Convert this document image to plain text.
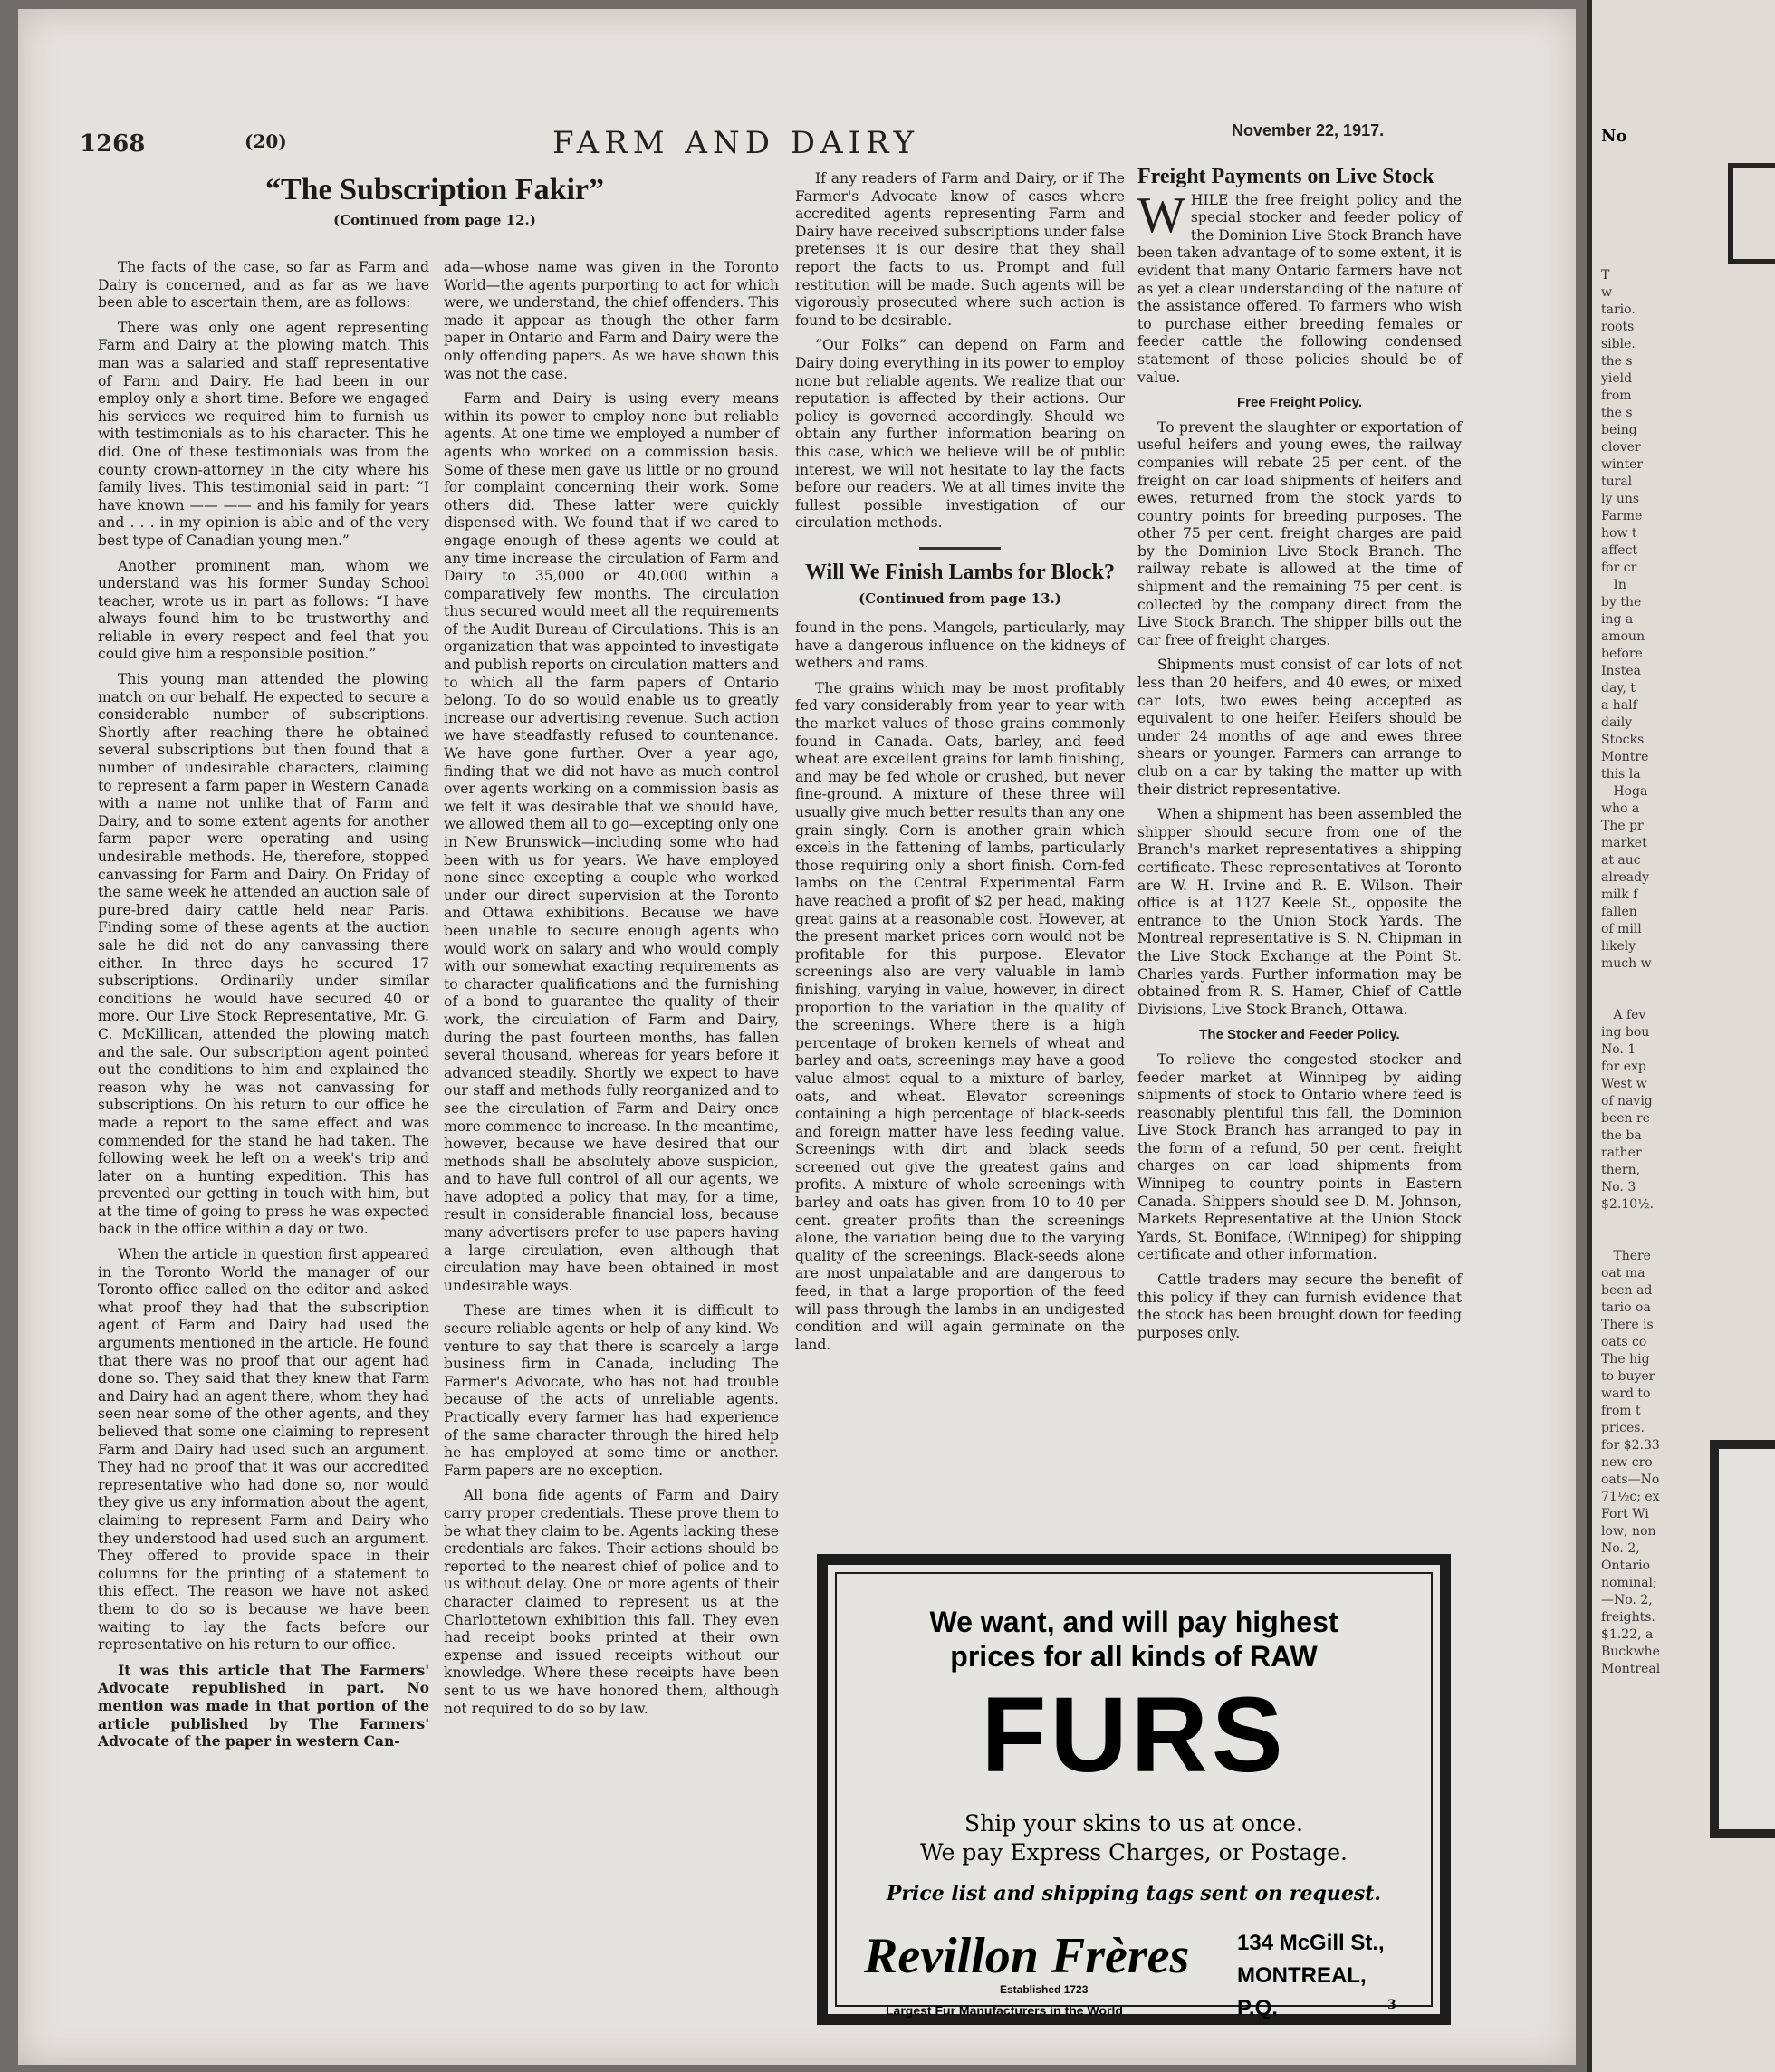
1268	(20)	FARM AND DAIRY	November 22, 1917.
“The Subscription Fakir”
(Continued from page 12.)

The facts of the case, so far as Farm and Dairy is concerned, and as far as we have been able to ascertain them, are as follows:

There was only one agent representing Farm and Dairy at the plowing match. This man was a salaried and staff representative of Farm and Dairy. He had been in our employ only a short time. Before we engaged his services we required him to furnish us with testimonials as to his character. This he did. One of these testimonials was from the county crown-attorney in the city where his family lives. This testimonial said in part: “I have known —— —— and his family for years and . . . in my opinion is able and of the very best type of Canadian young men.”

Another prominent man, whom we understand was his former Sunday School teacher, wrote us in part as follows: “I have always found him to be trustworthy and reliable in every respect and feel that you could give him a responsible position.”

This young man attended the plowing match on our behalf. He expected to secure a considerable number of subscriptions. Shortly after reaching there he obtained several subscriptions but then found that a number of undesirable characters, claiming to represent a farm paper in Western Canada with a name not unlike that of Farm and Dairy, and to some extent agents for another farm paper were operating and using undesirable methods. He, therefore, stopped canvassing for Farm and Dairy. On Friday of the same week he attended an auction sale of pure-bred dairy cattle held near Paris. Finding some of these agents at the auction sale he did not do any canvassing there either. In three days he secured 17 subscriptions. Ordinarily under similar conditions he would have secured 40 or more. Our Live Stock Representative, Mr. G. C. McKillican, attended the plowing match and the sale. Our subscription agent pointed out the conditions to him and explained the reason why he was not canvassing for subscriptions. On his return to our office he made a report to the same effect and was commended for the stand he had taken. The following week he left on a week's trip and later on a hunting expedition. This has prevented our getting in touch with him, but at the time of going to press he was expected back in the office within a day or two.

When the article in question first appeared in the Toronto World the manager of our Toronto office called on the editor and asked what proof they had that the subscription agent of Farm and Dairy had used the arguments mentioned in the article. He found that there was no proof that our agent had done so. They said that they knew that Farm and Dairy had an agent there, whom they had seen near some of the other agents, and they believed that some one claiming to represent Farm and Dairy had used such an argument. They had no proof that it was our accredited representative who had done so, nor would they give us any information about the agent, claiming to represent Farm and Dairy who they understood had used such an argument. They offered to provide space in their columns for the printing of a statement to this effect. The reason we have not asked them to do so is because we have been waiting to lay the facts before our representative on his return to our office.

It was this article that The Farmers' Advocate republished in part. No mention was made in that portion of the article published by The Farmers' Advocate of the paper in western Can-

ada—whose name was given in the Toronto World—the agents purporting to act for which were, we understand, the chief offenders. This made it appear as though the other farm paper in Ontario and Farm and Dairy were the only offending papers. As we have shown this was not the case.

Farm and Dairy is using every means within its power to employ none but reliable agents. At one time we employed a number of agents who worked on a commission basis. Some of these men gave us little or no ground for complaint concerning their work. Some others did. These latter were quickly dispensed with. We found that if we cared to engage enough of these agents we could at any time increase the circulation of Farm and Dairy to 35,000 or 40,000 within a comparatively few months. The circulation thus secured would meet all the requirements of the Audit Bureau of Circulations. This is an organization that was appointed to investigate and publish reports on circulation matters and to which all the farm papers of Ontario belong. To do so would enable us to greatly increase our advertising revenue. Such action we have steadfastly refused to countenance. We have gone further. Over a year ago, finding that we did not have as much control over agents working on a commission basis as we felt it was desirable that we should have, we allowed them all to go—excepting only one in New Brunswick—including some who had been with us for years. We have employed none since excepting a couple who worked under our direct supervision at the Toronto and Ottawa exhibitions. Because we have been unable to secure enough agents who would work on salary and who would comply with our somewhat exacting requirements as to character qualifications and the furnishing of a bond to guarantee the quality of their work, the circulation of Farm and Dairy, during the past fourteen months, has fallen several thousand, whereas for years before it advanced steadily. Shortly we expect to have our staff and methods fully reorganized and to see the circulation of Farm and Dairy once more commence to increase. In the meantime, however, because we have desired that our methods shall be absolutely above suspicion, and to have full control of all our agents, we have adopted a policy that may, for a time, result in considerable financial loss, because many advertisers prefer to use papers having a large circulation, even although that circulation may have been obtained in most undesirable ways.

These are times when it is difficult to secure reliable agents or help of any kind. We venture to say that there is scarcely a large business firm in Canada, including The Farmer's Advocate, who has not had trouble because of the acts of unreliable agents. Practically every farmer has had experience of the same character through the hired help he has employed at some time or another. Farm papers are no exception.

All bona fide agents of Farm and Dairy carry proper credentials. These prove them to be what they claim to be. Agents lacking these credentials are fakes. Their actions should be reported to the nearest chief of police and to us without delay. One or more agents of their character claimed to represent us at the Charlottetown exhibition this fall. They even had receipt books printed at their own expense and issued receipts without our knowledge. Where these receipts have been sent to us we have honored them, although not required to do so by law.

If any readers of Farm and Dairy, or if The Farmer's Advocate know of cases where accredited agents representing Farm and Dairy have received subscriptions under false pretenses it is our desire that they shall report the facts to us. Prompt and full restitution will be made. Such agents will be vigorously prosecuted where such action is found to be desirable.

“Our Folks” can depend on Farm and Dairy doing everything in its power to employ none but reliable agents. We realize that our reputation is affected by their actions. Our policy is governed accordingly. Should we obtain any further information bearing on this case, which we believe will be of public interest, we will not hesitate to lay the facts before our readers. We at all times invite the fullest possible investigation of our circulation methods.

Will We Finish Lambs for Block?
(Continued from page 13.)

found in the pens. Mangels, particularly, may have a dangerous influence on the kidneys of wethers and rams.

The grains which may be most profitably fed vary considerably from year to year with the market values of those grains commonly found in Canada. Oats, barley, and feed wheat are excellent grains for lamb finishing, and may be fed whole or crushed, but never fine-ground. A mixture of these three will usually give much better results than any one grain singly. Corn is another grain which excels in the fattening of lambs, particularly those requiring only a short finish. Corn-fed lambs on the Central Experimental Farm have reached a profit of $2 per head, making great gains at a reasonable cost. However, at the present market prices corn would not be profitable for this purpose. Elevator screenings also are very valuable in lamb finishing, varying in value, however, in direct proportion to the variation in the quality of the screenings. Where there is a high percentage of broken kernels of wheat and barley and oats, screenings may have a good value almost equal to a mixture of barley, oats, and wheat. Elevator screenings containing a high percentage of black-seeds and foreign matter have less feeding value. Screenings with dirt and black seeds screened out give the greatest gains and profits. A mixture of whole screenings with barley and oats has given from 10 to 40 per cent. greater profits than the screenings alone, the variation being due to the varying quality of the screenings. Black-seeds alone are most unpalatable and are dangerous to feed, in that a large proportion of the feed will pass through the lambs in an undigested condition and will again germinate on the land.

Freight Payments on Live Stock

WHILE the free freight policy and the special stocker and feeder policy of the Dominion Live Stock Branch have been taken advantage of to some extent, it is evident that many Ontario farmers have not as yet a clear understanding of the nature of the assistance offered. To farmers who wish to purchase either breeding females or feeder cattle the following condensed statement of these policies should be of value.

Free Freight Policy.

To prevent the slaughter or exportation of useful heifers and young ewes, the railway companies will rebate 25 per cent. of the freight on car load shipments of heifers and ewes, returned from the stock yards to country points for breeding purposes. The other 75 per cent. freight charges are paid by the Dominion Live Stock Branch. The railway rebate is allowed at the time of shipment and the remaining 75 per cent. is collected by the company direct from the Live Stock Branch. The shipper bills out the car free of freight charges.

Shipments must consist of car lots of not less than 20 heifers, and 40 ewes, or mixed car lots, two ewes being accepted as equivalent to one heifer. Heifers should be under 24 months of age and ewes three shears or younger. Farmers can arrange to club on a car by taking the matter up with their district representative.

When a shipment has been assembled the shipper should secure from one of the Branch's market representatives a shipping certificate. These representatives at Toronto are W. H. Irvine and R. E. Wilson. Their office is at 1127 Keele St., opposite the entrance to the Union Stock Yards. The Montreal representative is S. N. Chipman in the Live Stock Exchange at the Point St. Charles yards. Further information may be obtained from R. S. Hamer, Chief of Cattle Divisions, Live Stock Branch, Ottawa.

The Stocker and Feeder Policy.

To relieve the congested stocker and feeder market at Winnipeg by aiding shipments of stock to Ontario where feed is reasonably plentiful this fall, the Dominion Live Stock Branch has arranged to pay in the form of a refund, 50 per cent. freight charges on car load shipments from Winnipeg to country points in Eastern Canada. Shippers should see D. M. Johnson, Markets Representative at the Union Stock Yards, St. Boniface, (Winnipeg) for shipping certificate and other information.

Cattle traders may secure the benefit of this policy if they can furnish evidence that the stock has been brought down for feeding purposes only.

We want, and will pay highest
prices for all kinds of RAW
FURS
Ship your skins to us at once.
We pay Express Charges, or Postage.
Price list and shipping tags sent on request.
Revillon Frères
Established 1723
Largest Fur Manufacturers in the World
134 McGill St.,
MONTREAL,
P.Q.	3
No
T
w
tario.
roots
sible.
the s
yield
from
the s
being
clover
winter
tural
ly uns
Farme
how t
affect
for cr
In
by the
ing a
amoun
before
Instea
day, t
a half
daily
Stocks
Montre
this la
Hoga
who a
The pr
market
at auc
already
milk f
fallen
of mill
likely
much w

A fev
ing bou
No. 1
for exp
West w
of navig
been re
the ba
rather
thern,
No. 3
$2.10½.

There
oat ma
been ad
tario oa
There is
oats co
The hig
to buyer
ward to
from t
prices.
for $2.33
new cro
oats—No
71½c; ex
Fort Wi
low; non
No. 2,
Ontario
nominal;
—No. 2,
freights.
$1.22, a
Buckwhe
Montreal
